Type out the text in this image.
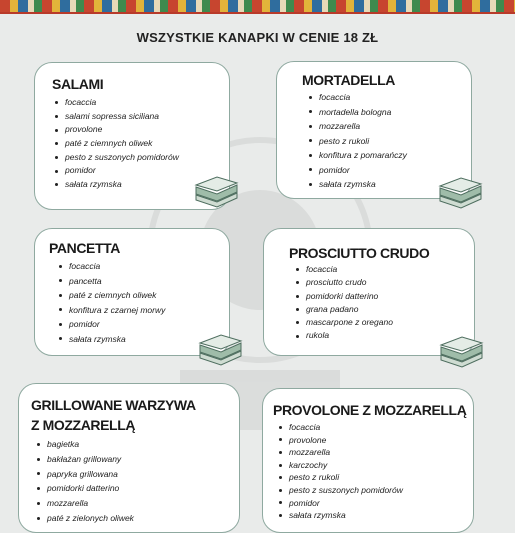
WSZYSTKIE KANAPKI W CENIE 18 ZŁ
SALAMI
focaccia
salami sopressa siciliana
provolone
paté z ciemnych oliwek
pesto z suszonych pomidorów
pomidor
sałata rzymska
MORTADELLA
focaccia
mortadella bologna
mozzarella
pesto z rukoli
konfitura z pomarańczy
pomidor
sałata rzymska
PANCETTA
focaccia
pancetta
paté z ciemnych oliwek
konfitura z czarnej morwy
pomidor
sałata rzymska
PROSCIUTTO CRUDO
focaccia
prosciutto crudo
pomidorki datterino
grana padano
mascarpone z oregano
rukola
GRILLOWANE WARZYWA
Z MOZZARELLĄ
bagietka
bakłażan grillowany
papryka grillowana
pomidorki datterino
mozzarella
paté z zielonych oliwek
PROVOLONE Z MOZZARELLĄ
focaccia
provolone
mozzarella
karczochy
pesto z rukoli
pesto z suszonych pomidorów
pomidor
sałata rzymska
